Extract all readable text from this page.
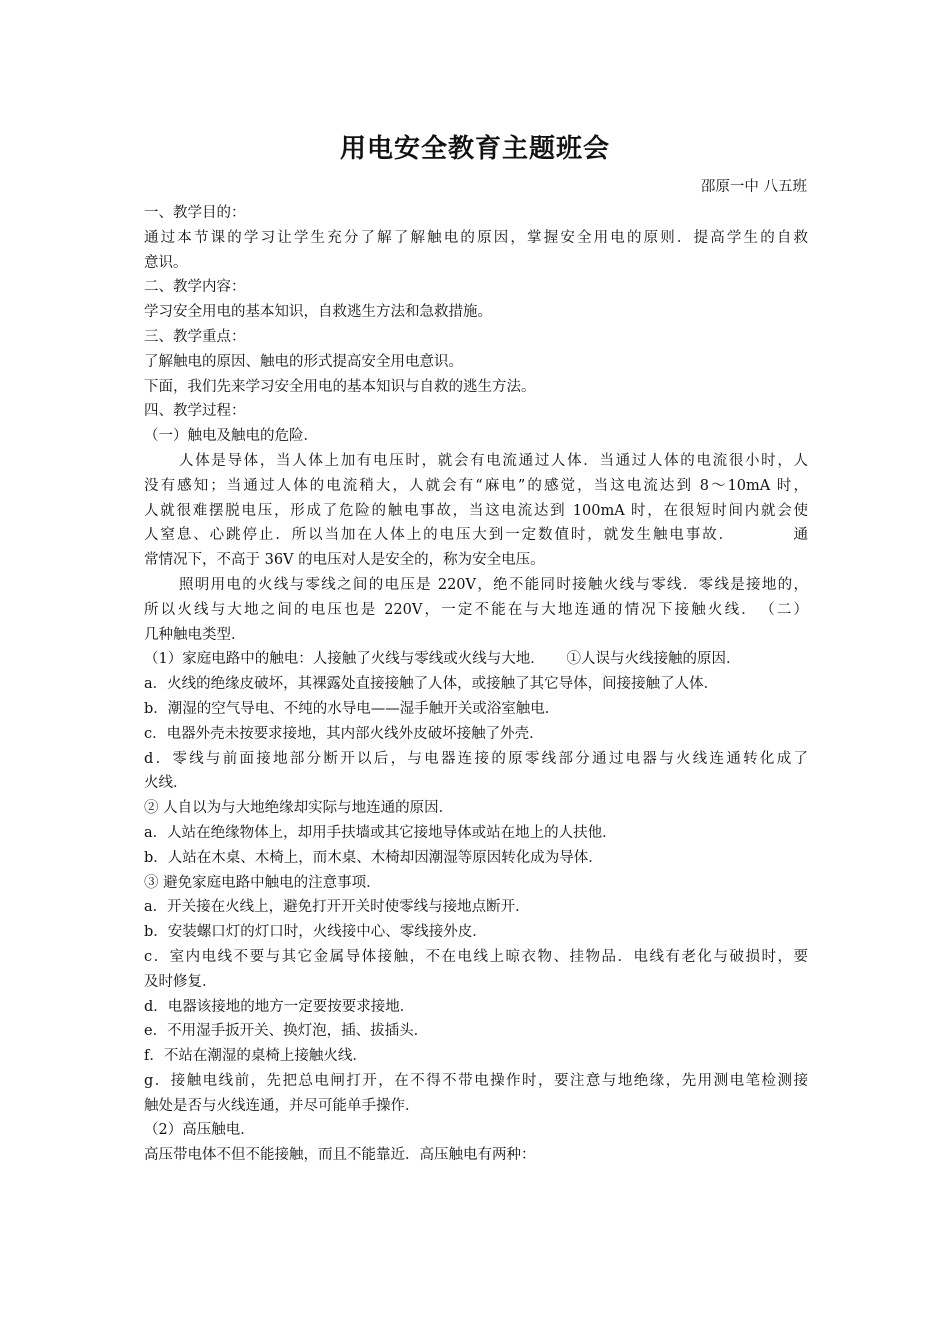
用电安全教育主题班会
邵原一中 八五班
一、教学目的：
通过本节课的学习让学生充分了解了解触电的原因，掌握安全用电的原则．提高学生的自救
意识。
二、教学内容：
学习安全用电的基本知识，自救逃生方法和急救措施。
三、教学重点：
了解触电的原因、触电的形式提高安全用电意识。
下面，我们先来学习安全用电的基本知识与自救的逃生方法。
四、教学过程：
（一）触电及触电的危险．
人体是导体，当人体上加有电压时，就会有电流通过人体．当通过人体的电流很小时，人
没有感知；当通过人体的电流稍大，人就会有“麻电”的感觉，当这电流达到 8～10mA 时，
人就很难摆脱电压，形成了危险的触电事故，当这电流达到 100mA 时，在很短时间内就会使
人窒息、心跳停止．所以当加在人体上的电压大到一定数值时，就发生触电事故．　　　　通
常情况下，不高于 36V 的电压对人是安全的，称为安全电压。
照明用电的火线与零线之间的电压是 220V，绝不能同时接触火线与零线．零线是接地的，
所以火线与大地之间的电压也是 220V，一定不能在与大地连通的情况下接触火线．　（二）
几种触电类型．
（1）家庭电路中的触电：人接触了火线与零线或火线与大地．　　①人误与火线接触的原因．
a．火线的绝缘皮破坏，其裸露处直接接触了人体，或接触了其它导体，间接接触了人体．
b．潮湿的空气导电、不纯的水导电——湿手触开关或浴室触电．
c．电器外壳未按要求接地，其内部火线外皮破坏接触了外壳．
d．零线与前面接地部分断开以后，与电器连接的原零线部分通过电器与火线连通转化成了
火线．
② 人自以为与大地绝缘却实际与地连通的原因．
a．人站在绝缘物体上，却用手扶墙或其它接地导体或站在地上的人扶他．
b．人站在木桌、木椅上，而木桌、木椅却因潮湿等原因转化成为导体．
③ 避免家庭电路中触电的注意事项．
a．开关接在火线上，避免打开开关时使零线与接地点断开．
b．安装螺口灯的灯口时，火线接中心、零线接外皮．
c．室内电线不要与其它金属导体接触，不在电线上晾衣物、挂物品．电线有老化与破损时，要
及时修复．
d．电器该接地的地方一定要按要求接地．
e．不用湿手扳开关、换灯泡，插、拔插头．
f．不站在潮湿的桌椅上接触火线．
g．接触电线前，先把总电闸打开，在不得不带电操作时，要注意与地绝缘，先用测电笔检测接
触处是否与火线连通，并尽可能单手操作．
（2）高压触电．
高压带电体不但不能接触，而且不能靠近．高压触电有两种：
